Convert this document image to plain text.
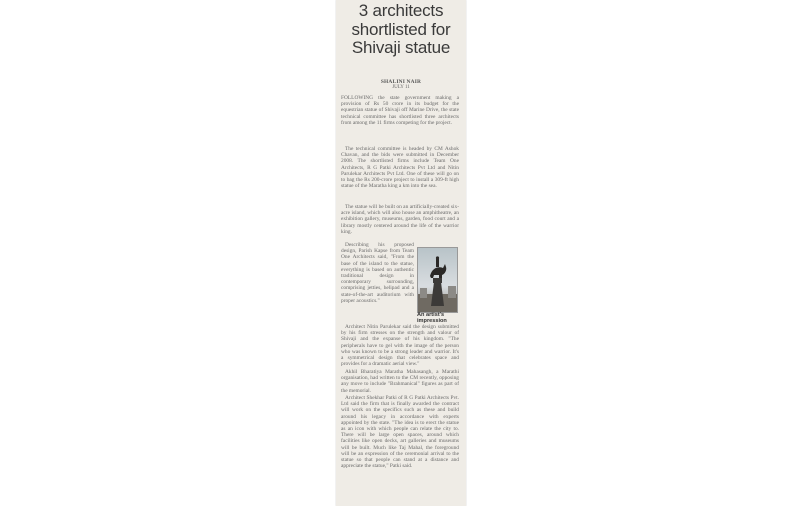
3 architects
shortlisted for
Shivaji statue
SHALINI NAIR
JULY 11

FOLLOWING the state government making a provision of Rs 50 crore in its budget for the equestrian statue of Shivaji off Marine Drive, the state technical committee has shortlisted three architects from among the 11 firms competing for the project.

The technical committee is headed by CM Ashok Chavan, and the bids were submitted in December 2008. The shortlisted firms include Team One Architects, R G Patki Architects Pvt Ltd and Nitin Parulekar Architects Pvt Ltd. One of these will go on to bag the Rs 200-crore project to install a 309-ft high statue of the Maratha king a km into the sea.

The statue will be built on an artificially-created six-acre island, which will also house an amphitheatre, an exhibition gallery, museums, garden, food court and a library mostly centered around the life of the warrior king.

Describing his proposed design, Parish Kapse from Team One Architects said, "From the base of the island to the statue, everything is based on authentic traditional design in contemporary surrounding, comprising jetties, helipad and a state-of-the-art auditorium with proper acoustics."

An artist's
impression

Architect Nitin Parulekar said the design submitted by his firm stresses on the strength and valour of Shivaji and the expanse of his kingdom. "The peripherals have to gel with the image of the person who was known to be a strong leader and warrior. It's a symmetrical design that celebrates space and provides for a dramatic aerial view."

Akhil Bharatiya Maratha Mahasangh, a Marathi organisation, had written to the CM recently, opposing any move to include "Brahmanical" figures as part of the memorial.

Architect Shekhar Patki of R G Patki Architects Pvt. Ltd said the firm that is finally awarded the contract will work on the specifics such as these and build around his legacy in accordance with experts appointed by the state. "The idea is to erect the statue as an icon with which people can relate the city to. There will be large open spaces, around which facilities like open decks, art galleries and museums will be built. Much like Taj Mahal, the foreground will be an expression of the ceremonial arrival to the statue so that people can stand at a distance and appreciate the statue," Patki said.
